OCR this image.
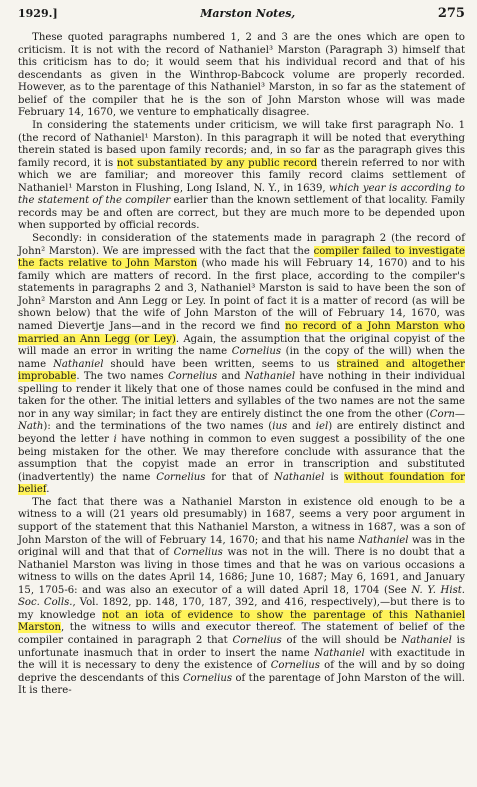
1929.]	Marston Notes,	275

These quoted paragraphs numbered 1, 2 and 3 are the ones which are open to criticism. It is not with the record of Nathaniel³ Marston (Paragraph 3) himself that this criticism has to do; it would seem that his individual record and that of his descendants as given in the Winthrop-Babcock volume are properly recorded. However, as to the parentage of this Nathaniel³ Marston, in so far as the statement of belief of the compiler that he is the son of John Marston whose will was made February 14, 1670, we venture to emphatically disagree.

In considering the statements under criticism, we will take first paragraph No. 1 (the record of Nathaniel¹ Marston). In this paragraph it will be noted that everything therein stated is based upon family records; and, in so far as the paragraph gives this family record, it is not substantiated by any public record therein referred to nor with which we are familiar; and moreover this family record claims settlement of Nathaniel¹ Marston in Flushing, Long Island, N. Y., in 1639, which year is according to the statement of the compiler earlier than the known settlement of that locality. Family records may be and often are correct, but they are much more to be depended upon when supported by official records.

Secondly: in consideration of the statements made in paragraph 2 (the record of John² Marston). We are impressed with the fact that the compiler failed to investigate the facts relative to John Marston (who made his will February 14, 1670) and to his family which are matters of record. In the first place, according to the compiler's statements in paragraphs 2 and 3, Nathaniel³ Marston is said to have been the son of John² Marston and Ann Legg or Ley. In point of fact it is a matter of record (as will be shown below) that the wife of John Marston of the will of February 14, 1670, was named Dievertje Jans—and in the record we find no record of a John Marston who married an Ann Legg (or Ley). Again, the assumption that the original copyist of the will made an error in writing the name Cornelius (in the copy of the will) when the name Nathaniel should have been written, seems to us strained and altogether improbable. The two names Cornelius and Nathaniel have nothing in their individual spelling to render it likely that one of those names could be confused in the mind and taken for the other. The initial letters and syllables of the two names are not the same nor in any way similar; in fact they are entirely distinct the one from the other (Corn—Nath): and the terminations of the two names (ius and iel) are entirely distinct and beyond the letter i have nothing in common to even suggest a possibility of the one being mistaken for the other. We may therefore conclude with assurance that the assumption that the copyist made an error in transcription and substituted (inadvertently) the name Cornelius for that of Nathaniel is without foundation for belief.

The fact that there was a Nathaniel Marston in existence old enough to be a witness to a will (21 years old presumably) in 1687, seems a very poor argument in support of the statement that this Nathaniel Marston, a witness in 1687, was a son of John Marston of the will of February 14, 1670; and that his name Nathaniel was in the original will and that that of Cornelius was not in the will. There is no doubt that a Nathaniel Marston was living in those times and that he was on various occasions a witness to wills on the dates April 14, 1686; June 10, 1687; May 6, 1691, and January 15, 1705-6: and was also an executor of a will dated April 18, 1704 (See N. Y. Hist. Soc. Colls., Vol. 1892, pp. 148, 170, 187, 392, and 416, respectively),—but there is to my knowledge not an iota of evidence to show the parentage of this Nathaniel Marston, the witness to wills and executor thereof. The statement of belief of the compiler contained in paragraph 2 that Cornelius of the will should be Nathaniel is unfortunate inasmuch that in order to insert the name Nathaniel with exactitude in the will it is necessary to deny the existence of Cornelius of the will and by so doing deprive the descendants of this Cornelius of the parentage of John Marston of the will. It is there-
